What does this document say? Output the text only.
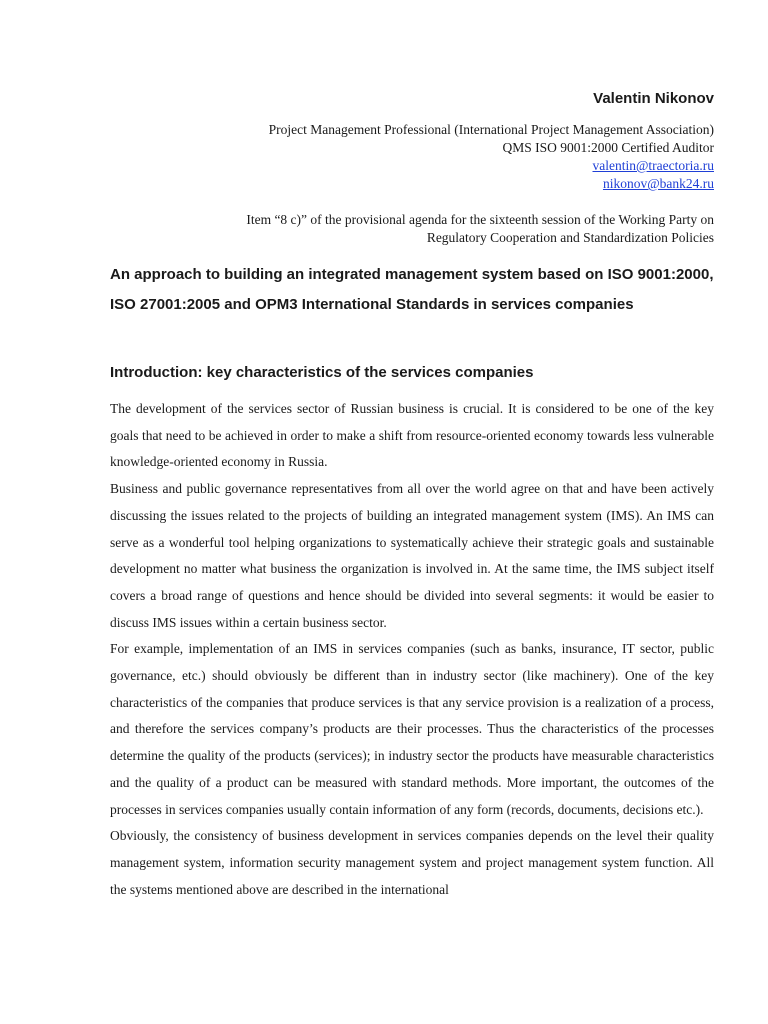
Valentin Nikonov
Project Management Professional (International Project Management Association)
QMS ISO 9001:2000 Certified Auditor
valentin@traectoria.ru
nikonov@bank24.ru
Item “8 c)” of the provisional agenda for the sixteenth session of the Working Party on
Regulatory Cooperation and Standardization Policies
An approach to building an integrated management system based on ISO 9001:2000, ISO 27001:2005 and OPM3 International Standards in services companies
Introduction: key characteristics of the services companies

The development of the services sector of Russian business is crucial. It is considered to be one of the key goals that need to be achieved in order to make a shift from resource-oriented economy towards less vulnerable knowledge-oriented economy in Russia.

Business and public governance representatives from all over the world agree on that and have been actively discussing the issues related to the projects of building an integrated management system (IMS). An IMS can serve as a wonderful tool helping organizations to systematically achieve their strategic goals and sustainable development no matter what business the organization is involved in. At the same time, the IMS subject itself covers a broad range of questions and hence should be divided into several segments: it would be easier to discuss IMS issues within a certain business sector.

For example, implementation of an IMS in services companies (such as banks, insurance, IT sector, public governance, etc.) should obviously be different than in industry sector (like machinery). One of the key characteristics of the companies that produce services is that any service provision is a realization of a process, and therefore the services company’s products are their processes. Thus the characteristics of the processes determine the quality of the products (services); in industry sector the products have measurable characteristics and the quality of a product can be measured with standard methods. More important, the outcomes of the processes in services companies usually contain information of any form (records, documents, decisions etc.).

Obviously, the consistency of business development in services companies depends on the level their quality management system, information security management system and project management system function. All the systems mentioned above are described in the international
